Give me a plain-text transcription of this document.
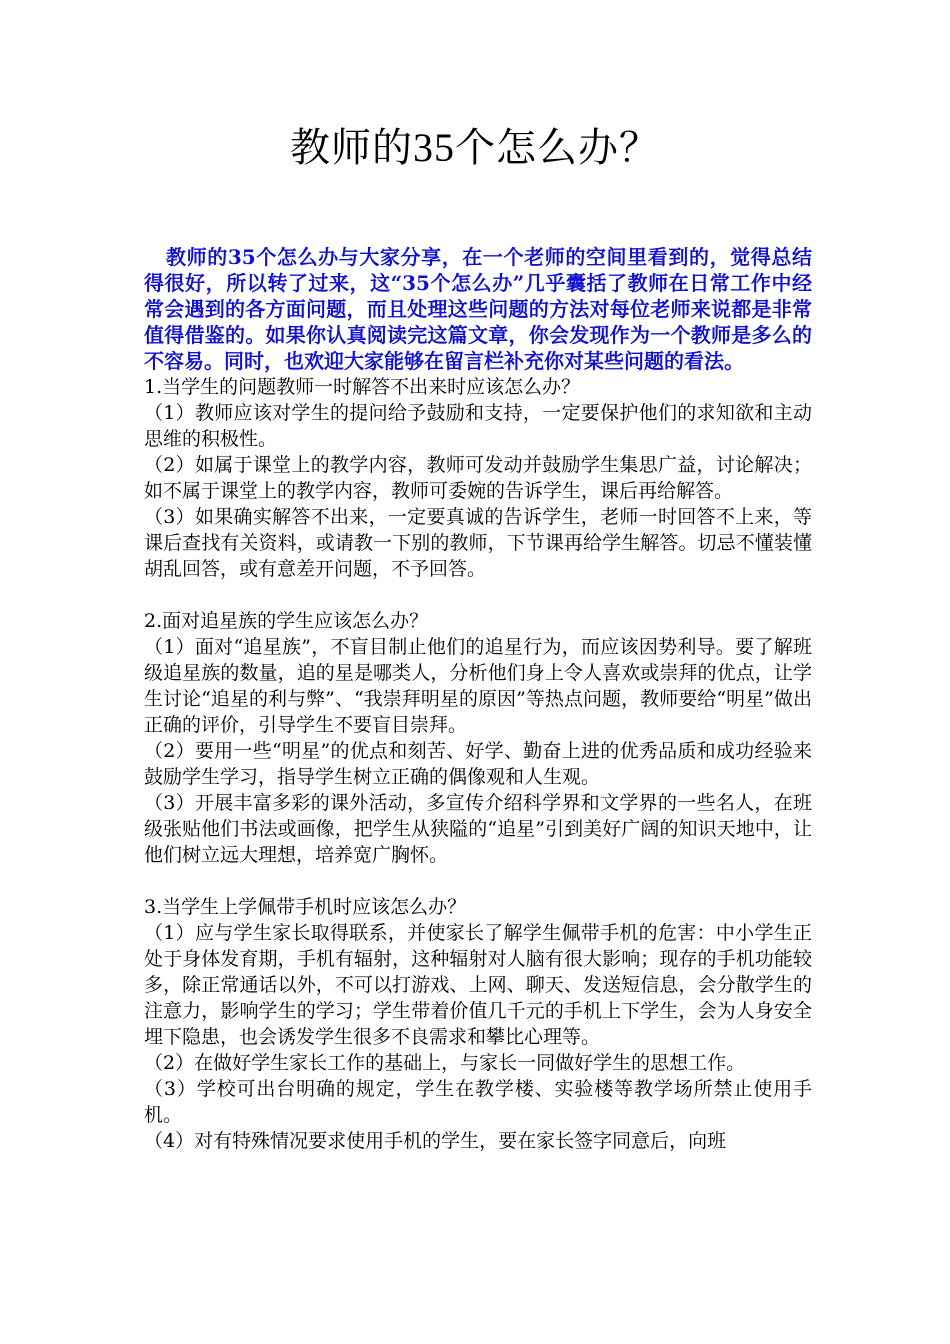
教师的35个怎么办？

教师的35个怎么办与大家分享，在一个老师的空间里看到的，觉得总结得很好，所以转了过来，这“35个怎么办”几乎囊括了教师在日常工作中经常会遇到的各方面问题，而且处理这些问题的方法对每位老师来说都是非常值得借鉴的。如果你认真阅读完这篇文章，你会发现作为一个教师是多么的不容易。同时，也欢迎大家能够在留言栏补充你对某些问题的看法。

1.当学生的问题教师一时解答不出来时应该怎么办？

（1）教师应该对学生的提问给予鼓励和支持，一定要保护他们的求知欲和主动思维的积极性。

（2）如属于课堂上的教学内容，教师可发动并鼓励学生集思广益，讨论解决；如不属于课堂上的教学内容，教师可委婉的告诉学生，课后再给解答。

（3）如果确实解答不出来，一定要真诚的告诉学生，老师一时回答不上来，等课后查找有关资料，或请教一下别的教师，下节课再给学生解答。切忌不懂装懂胡乱回答，或有意差开问题，不予回答。

2.面对追星族的学生应该怎么办？

（1）面对“追星族”，不盲目制止他们的追星行为，而应该因势利导。要了解班级追星族的数量，追的星是哪类人，分析他们身上令人喜欢或崇拜的优点，让学生讨论“追星的利与弊”、“我崇拜明星的原因”等热点问题，教师要给“明星”做出正确的评价，引导学生不要盲目崇拜。

（2）要用一些“明星”的优点和刻苦、好学、勤奋上进的优秀品质和成功经验来鼓励学生学习，指导学生树立正确的偶像观和人生观。

（3）开展丰富多彩的课外活动，多宣传介绍科学界和文学界的一些名人，在班级张贴他们书法或画像，把学生从狭隘的“追星”引到美好广阔的知识天地中，让他们树立远大理想，培养宽广胸怀。

3.当学生上学佩带手机时应该怎么办？

（1）应与学生家长取得联系，并使家长了解学生佩带手机的危害：中小学生正处于身体发育期，手机有辐射，这种辐射对人脑有很大影响；现存的手机功能较多，除正常通话以外，不可以打游戏、上网、聊天、发送短信息，会分散学生的注意力，影响学生的学习；学生带着价值几千元的手机上下学生，会为人身安全埋下隐患，也会诱发学生很多不良需求和攀比心理等。

（2）在做好学生家长工作的基础上，与家长一同做好学生的思想工作。

（3）学校可出台明确的规定，学生在教学楼、实验楼等教学场所禁止使用手机。

（4）对有特殊情况要求使用手机的学生，要在家长签字同意后，向班
